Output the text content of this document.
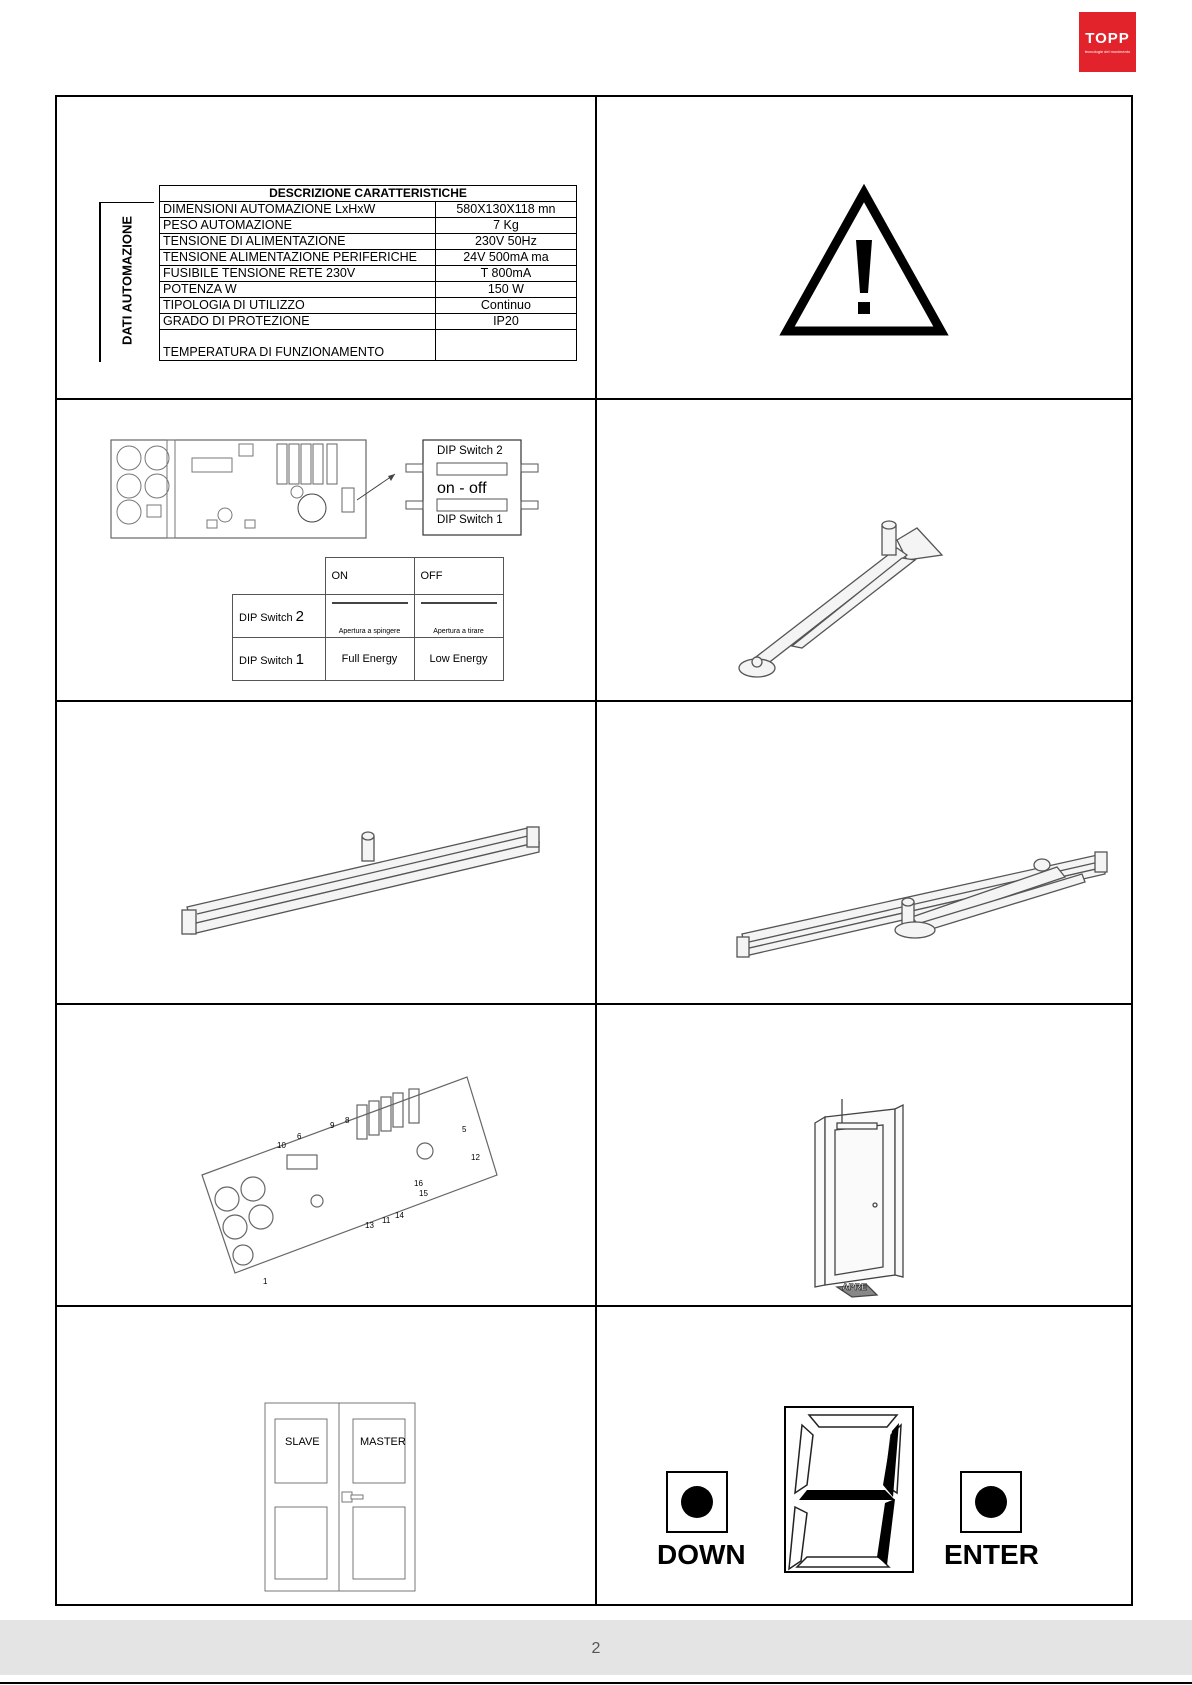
TOPP
tecnologie del movimento
DATI AUTOMAZIONE
DESCRIZIONE CARATTERISTICHE	
DIMENSIONI AUTOMAZIONE LxHxW	580X130X118 mn
PESO AUTOMAZIONE	7 Kg
TENSIONE DI ALIMENTAZIONE	230V 50Hz
TENSIONE ALIMENTAZIONE PERIFERICHE	24V 500mA ma
FUSIBILE TENSIONE RETE 230V	T 800mA
POTENZA W	150 W
TIPOLOGIA DI UTILIZZO	Continuo
GRADO DI PROTEZIONE	IP20
TEMPERATURA DI FUNZIONAMENTO	
DIP Switch 2
on - off
DIP Switch 1
	ON	OFF
DIP Switch 2	Apertura a spingere	Apertura a tirare
DIP Switch 1	Full Energy	Low Energy
10
6
9
8
5
12
16
15
13
11
14
1
APRE
SLAVE	MASTER
DOWN	ENTER
2
